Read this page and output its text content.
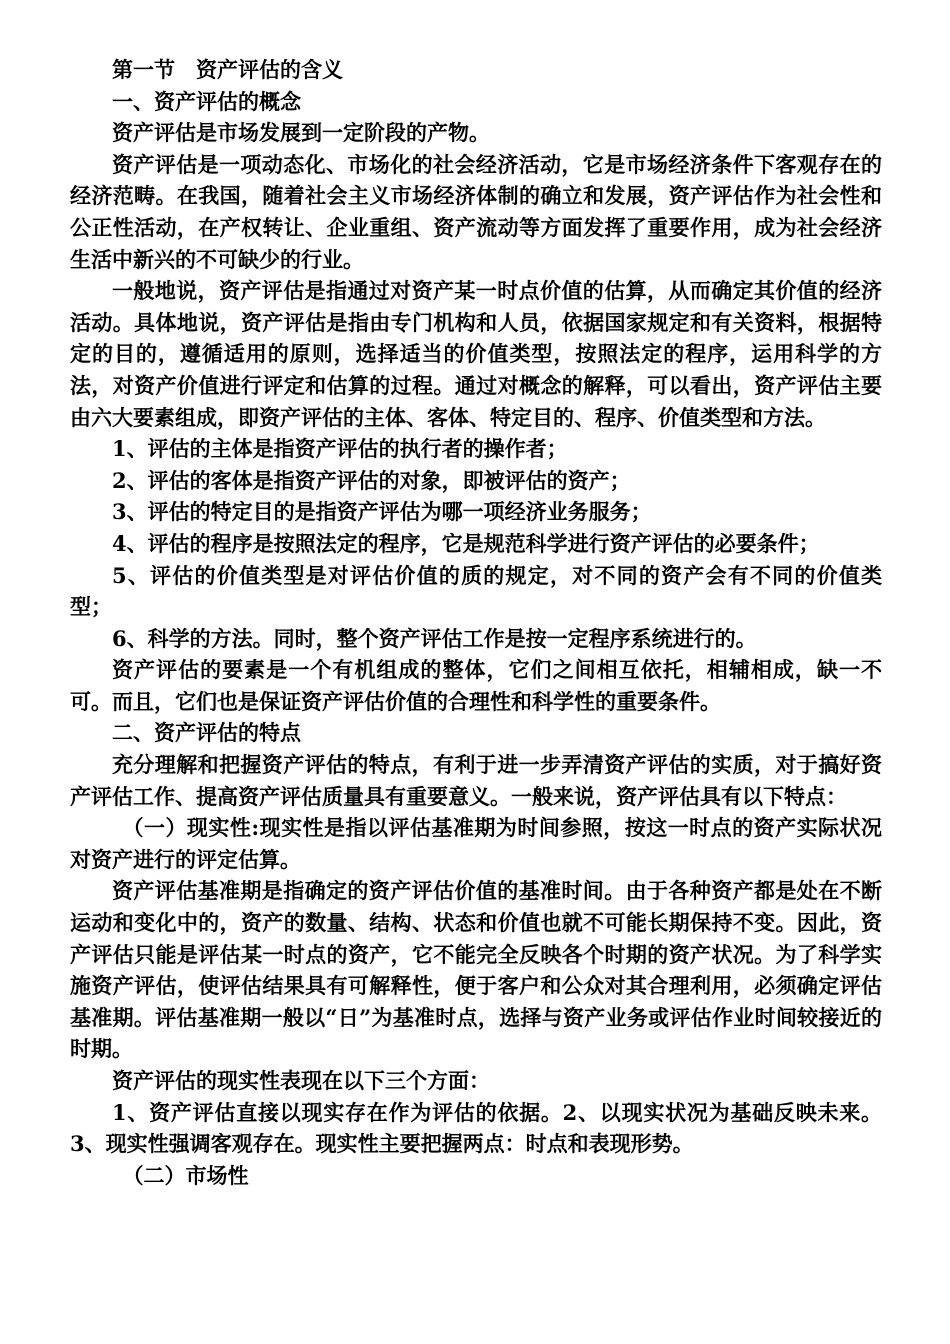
第一节　资产评估的含义

一、资产评估的概念

资产评估是市场发展到一定阶段的产物。

资产评估是一项动态化、市场化的社会经济活动，它是市场经济条件下客观存在的经济范畴。在我国，随着社会主义市场经济体制的确立和发展，资产评估作为社会性和公正性活动，在产权转让、企业重组、资产流动等方面发挥了重要作用，成为社会经济生活中新兴的不可缺少的行业。

一般地说，资产评估是指通过对资产某一时点价值的估算，从而确定其价值的经济活动。具体地说，资产评估是指由专门机构和人员，依据国家规定和有关资料，根据特定的目的，遵循适用的原则，选择适当的价值类型，按照法定的程序，运用科学的方法，对资产价值进行评定和估算的过程。通过对概念的解释，可以看出，资产评估主要由六大要素组成，即资产评估的主体、客体、特定目的、程序、价值类型和方法。

1、评估的主体是指资产评估的执行者的操作者；

2、评估的客体是指资产评估的对象，即被评估的资产；

3、评估的特定目的是指资产评估为哪一项经济业务服务；

4、评估的程序是按照法定的程序，它是规范科学进行资产评估的必要条件；

5、评估的价值类型是对评估价值的质的规定，对不同的资产会有不同的价值类型；

6、科学的方法。同时，整个资产评估工作是按一定程序系统进行的。

资产评估的要素是一个有机组成的整体，它们之间相互依托，相辅相成，缺一不可。而且，它们也是保证资产评估价值的合理性和科学性的重要条件。

二、资产评估的特点

充分理解和把握资产评估的特点，有利于进一步弄清资产评估的实质，对于搞好资产评估工作、提高资产评估质量具有重要意义。一般来说，资产评估具有以下特点：

（一）现实性:现实性是指以评估基准期为时间参照，按这一时点的资产实际状况对资产进行的评定估算。

资产评估基准期是指确定的资产评估价值的基准时间。由于各种资产都是处在不断运动和变化中的，资产的数量、结构、状态和价值也就不可能长期保持不变。因此，资产评估只能是评估某一时点的资产，它不能完全反映各个时期的资产状况。为了科学实施资产评估，使评估结果具有可解释性，便于客户和公众对其合理利用，必须确定评估基准期。评估基准期一般以“日”为基准时点，选择与资产业务或评估作业时间较接近的时期。

资产评估的现实性表现在以下三个方面：

1、资产评估直接以现实存在作为评估的依据。2、以现实状况为基础反映未来。3、现实性强调客观存在。现实性主要把握两点：时点和表现形势。

（二）市场性
